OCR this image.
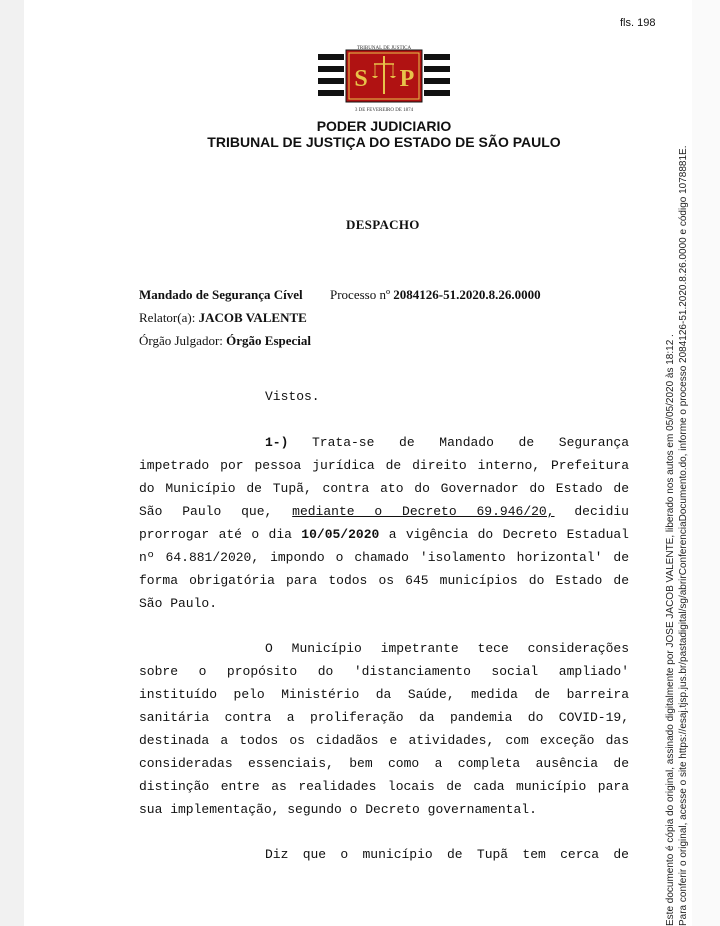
fls. 198
TRIBUNAL DE JUSTIÇA
S P
3 DE FEVEREIRO DE 1874
PODER JUDICIARIO
TRIBUNAL DE JUSTIÇA DO ESTADO DE SÃO PAULO
DESPACHO
Mandado de Segurança Cível Processo nº 2084126-51.2020.8.26.0000
Relator(a): JACOB VALENTE
Órgão Julgador: Órgão Especial
Vistos.
1-) Trata-se de Mandado de Segurança
impetrado por pessoa jurídica de direito interno, Prefeitura
do Município de Tupã, contra ato do Governador do Estado de
São Paulo que, mediante o Decreto 69.946/20, decidiu
prorrogar até o dia 10/05/2020 a vigência do Decreto Estadual
nº 64.881/2020, impondo o chamado 'isolamento horizontal' de
forma obrigatória para todos os 645 municípios do Estado de
São Paulo.
O Município impetrante tece considerações
sobre o propósito do 'distanciamento social ampliado'
instituído pelo Ministério da Saúde, medida de barreira
sanitária contra a proliferação da pandemia do COVID-19,
destinada a todos os cidadãos e atividades, com exceção das
consideradas essenciais, bem como a completa ausência de
distinção entre as realidades locais de cada município para
sua implementação, segundo o Decreto governamental.
Diz que o município de Tupã tem cerca de	Este documento é cópia do original, assinado digitalmente por JOSE JACOB VALENTE, liberado nos autos em 05/05/2020 às 18:12 . Para conferir o original, acesse o site https://esaj.tjsp.jus.br/pastadigital/sg/abrirConferenciaDocumento.do, informe o processo 2084126-51.2020.8.26.0000 e código 1078881E.
